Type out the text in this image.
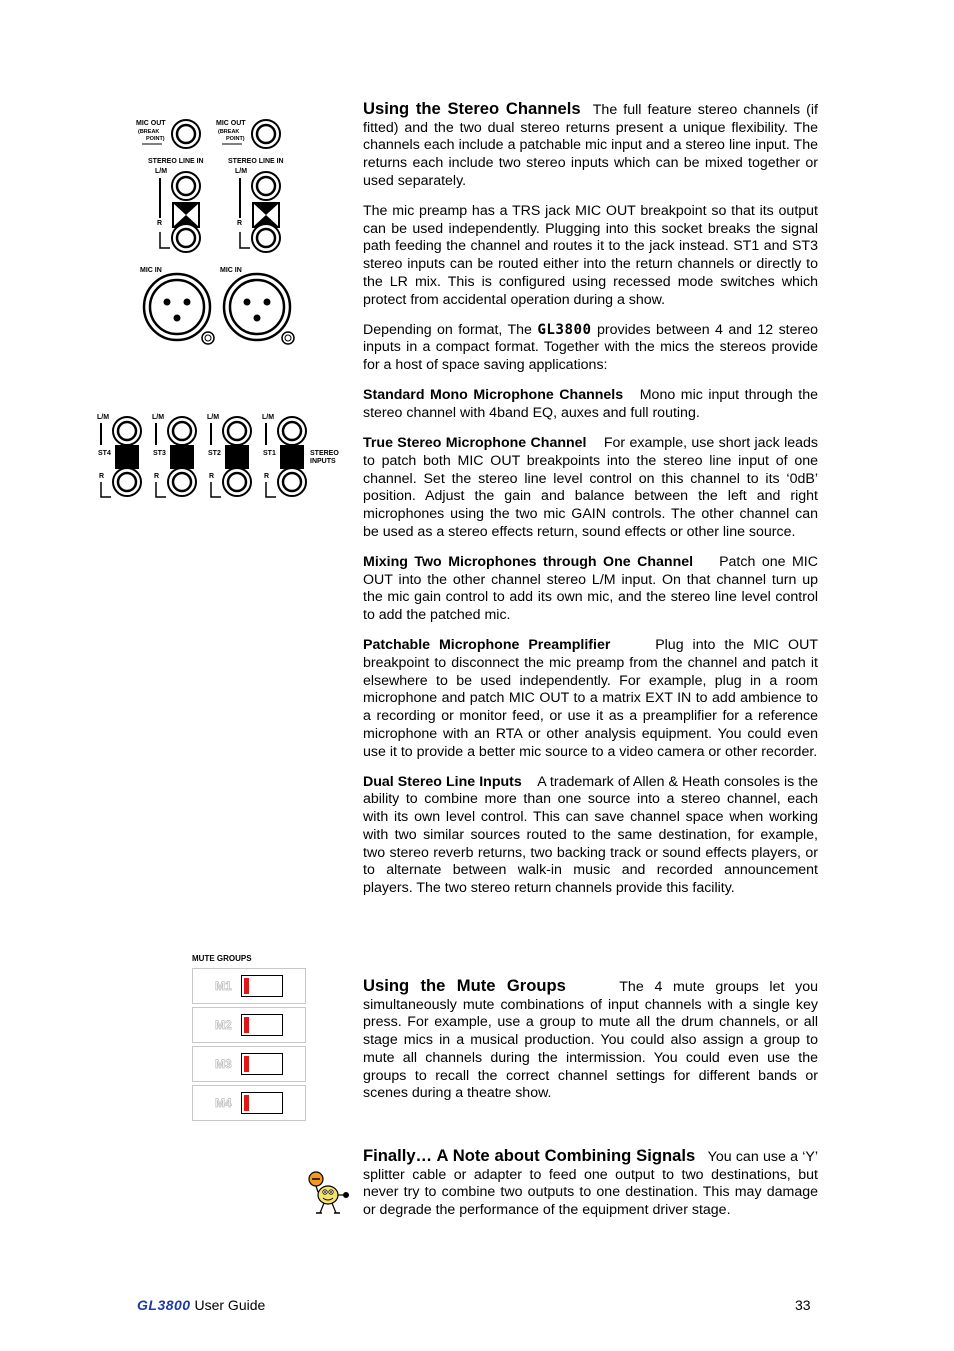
MIC OUT
(BREAK
POINT)
STEREO LINE IN
L/M
R
MIC IN
MIC OUT
(BREAK
POINT)
STEREO LINE IN
L/M
R
MIC IN
L/M
ST4
R
L/M
ST3
R
L/M
ST2
R
L/M
ST1
R
STEREO
INPUTS

Using the Stereo Channels The full feature stereo channels (if fitted) and the two dual stereo returns present a unique flexibility. The channels each include a patchable mic input and a stereo line input. The returns each include two stereo inputs which can be mixed together or used separately.

The mic preamp has a TRS jack MIC OUT breakpoint so that its output can be used independently. Plugging into this socket breaks the signal path feeding the channel and routes it to the jack instead. ST1 and ST3 stereo inputs can be routed either into the return channels or directly to the LR mix. This is configured using recessed mode switches which protect from accidental operation during a show.

Depending on format, The GL3800 provides between 4 and 12 stereo inputs in a compact format. Together with the mics the stereos provide for a host of space saving applications:

Standard Mono Microphone Channels Mono mic input through the stereo channel with 4band EQ, auxes and full routing.

True Stereo Microphone Channel For example, use short jack leads to patch both MIC OUT breakpoints into the stereo line input of one channel. Set the stereo line level control on this channel to its ‘0dB’ position. Adjust the gain and balance between the left and right microphones using the two mic GAIN controls. The other channel can be used as a stereo effects return, sound effects or other line source.

Mixing Two Microphones through One Channel Patch one MIC OUT into the other channel stereo L/M input. On that channel turn up the mic gain control to add its own mic, and the stereo line level control to add the patched mic.

Patchable Microphone Preamplifier	Plug into the MIC OUT breakpoint to disconnect the mic preamp from the channel and patch it elsewhere to be used independently. For example, plug in a room microphone and patch MIC OUT to a matrix EXT IN to add ambience to a recording or monitor feed, or use it as a preamplifier for a reference microphone with an RTA or other analysis equipment. You could even use it to provide a better mic source to a video camera or other recorder.

Dual Stereo Line Inputs A trademark of Allen & Heath consoles is the ability to combine more than one source into a stereo channel, each with its own level control. This can save channel space when working with two similar sources routed to the same destination, for example, two stereo reverb returns, two backing track or sound effects players, or to alternate between walk-in music and recorded announcement players. The two stereo return channels provide this facility.

MUTE GROUPS
M1
M2
M3
M4

Using the Mute Groups	The 4 mute groups let you simultaneously mute combinations of input channels with a single key press. For example, use a group to mute all the drum channels, or all stage mics in a musical production. You could also assign a group to mute all channels during the intermission. You could even use the groups to recall the correct channel settings for different bands or scenes during a theatre show.

Finally… A Note about Combining Signals You can use a ‘Y’ splitter cable or adapter to feed one output to two destinations, but never try to combine two outputs to one destination. This may damage or degrade the performance of the equipment driver stage.

GL3800 User Guide	33
